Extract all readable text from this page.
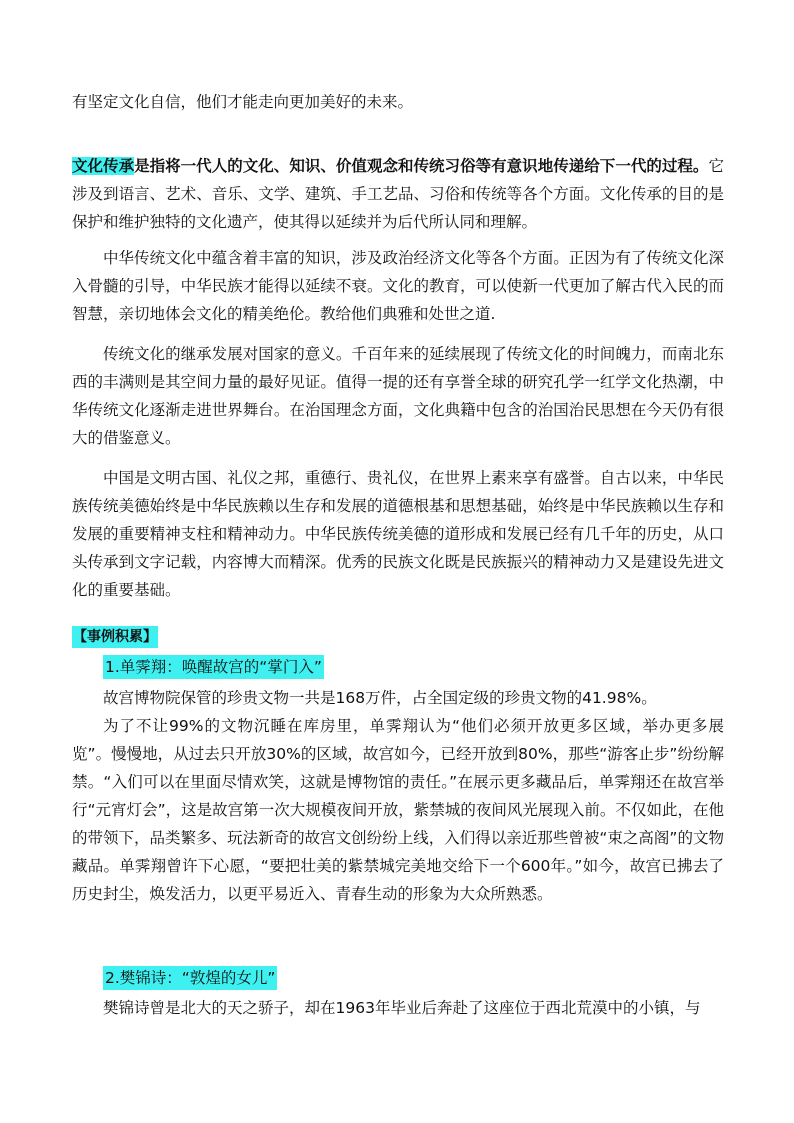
有坚定文化自信，他们才能走向更加美好的未来。

文化传承是指将一代人的文化、知识、价值观念和传统习俗等有意识地传递给下一代的过程。它涉及到语言、艺术、音乐、文学、建筑、手工艺品、习俗和传统等各个方面。文化传承的目的是保护和维护独特的文化遗产，使其得以延续并为后代所认同和理解。

中华传统文化中蕴含着丰富的知识，涉及政治经济文化等各个方面。正因为有了传统文化深入骨髓的引导，中华民族才能得以延续不衰。文化的教育，可以使新一代更加了解古代入民的而智慧，亲切地体会文化的精美绝伦。教给他们典雅和处世之道.

传统文化的继承发展对国家的意义。千百年来的延续展现了传统文化的时间魄力，而南北东西的丰满则是其空间力量的最好见证。值得一提的还有享誉全球的研究孔学一红学文化热潮，中华传统文化逐渐走进世界舞台。在治国理念方面，文化典籍中包含的治国治民思想在今天仍有很大的借鉴意义。

中国是文明古国、礼仪之邦，重德行、贵礼仪，在世界上素来享有盛誉。自古以来，中华民族传统美德始终是中华民族赖以生存和发展的道德根基和思想基础，始终是中华民族赖以生存和发展的重要精神支柱和精神动力。中华民族传统美德的道形成和发展已经有几千年的历史，从口头传承到文字记载，内容博大而精深。优秀的民族文化既是民族振兴的精神动力又是建设先进文化的重要基础。

【事例积累】
1.单霁翔：唤醒故宫的“掌门入”

故宫博物院保管的珍贵文物一共是168万件，占全国定级的珍贵文物的41.98%。

为了不让99%的文物沉睡在库房里，单霁翔认为“他们必须开放更多区域，举办更多展览”。慢慢地，从过去只开放30%的区域，故宫如今，已经开放到80%，那些“游客止步”纷纷解禁。“入们可以在里面尽情欢笑，这就是博物馆的责任。”在展示更多藏品后，单霁翔还在故宫举行“元宵灯会”，这是故宫第一次大规模夜间开放，紫禁城的夜间风光展现入前。不仅如此，在他的带领下，品类繁多、玩法新奇的故宫文创纷纷上线，入们得以亲近那些曾被“束之高阁”的文物藏品。单霁翔曾许下心愿，“要把壮美的紫禁城完美地交给下一个600年。”如今，故宫已拂去了历史封尘，焕发活力，以更平易近入、青春生动的形象为大众所熟悉。

2.樊锦诗：“敦煌的女儿”

樊锦诗曾是北大的天之骄子，却在1963年毕业后奔赴了这座位于西北荒漠中的小镇，与
